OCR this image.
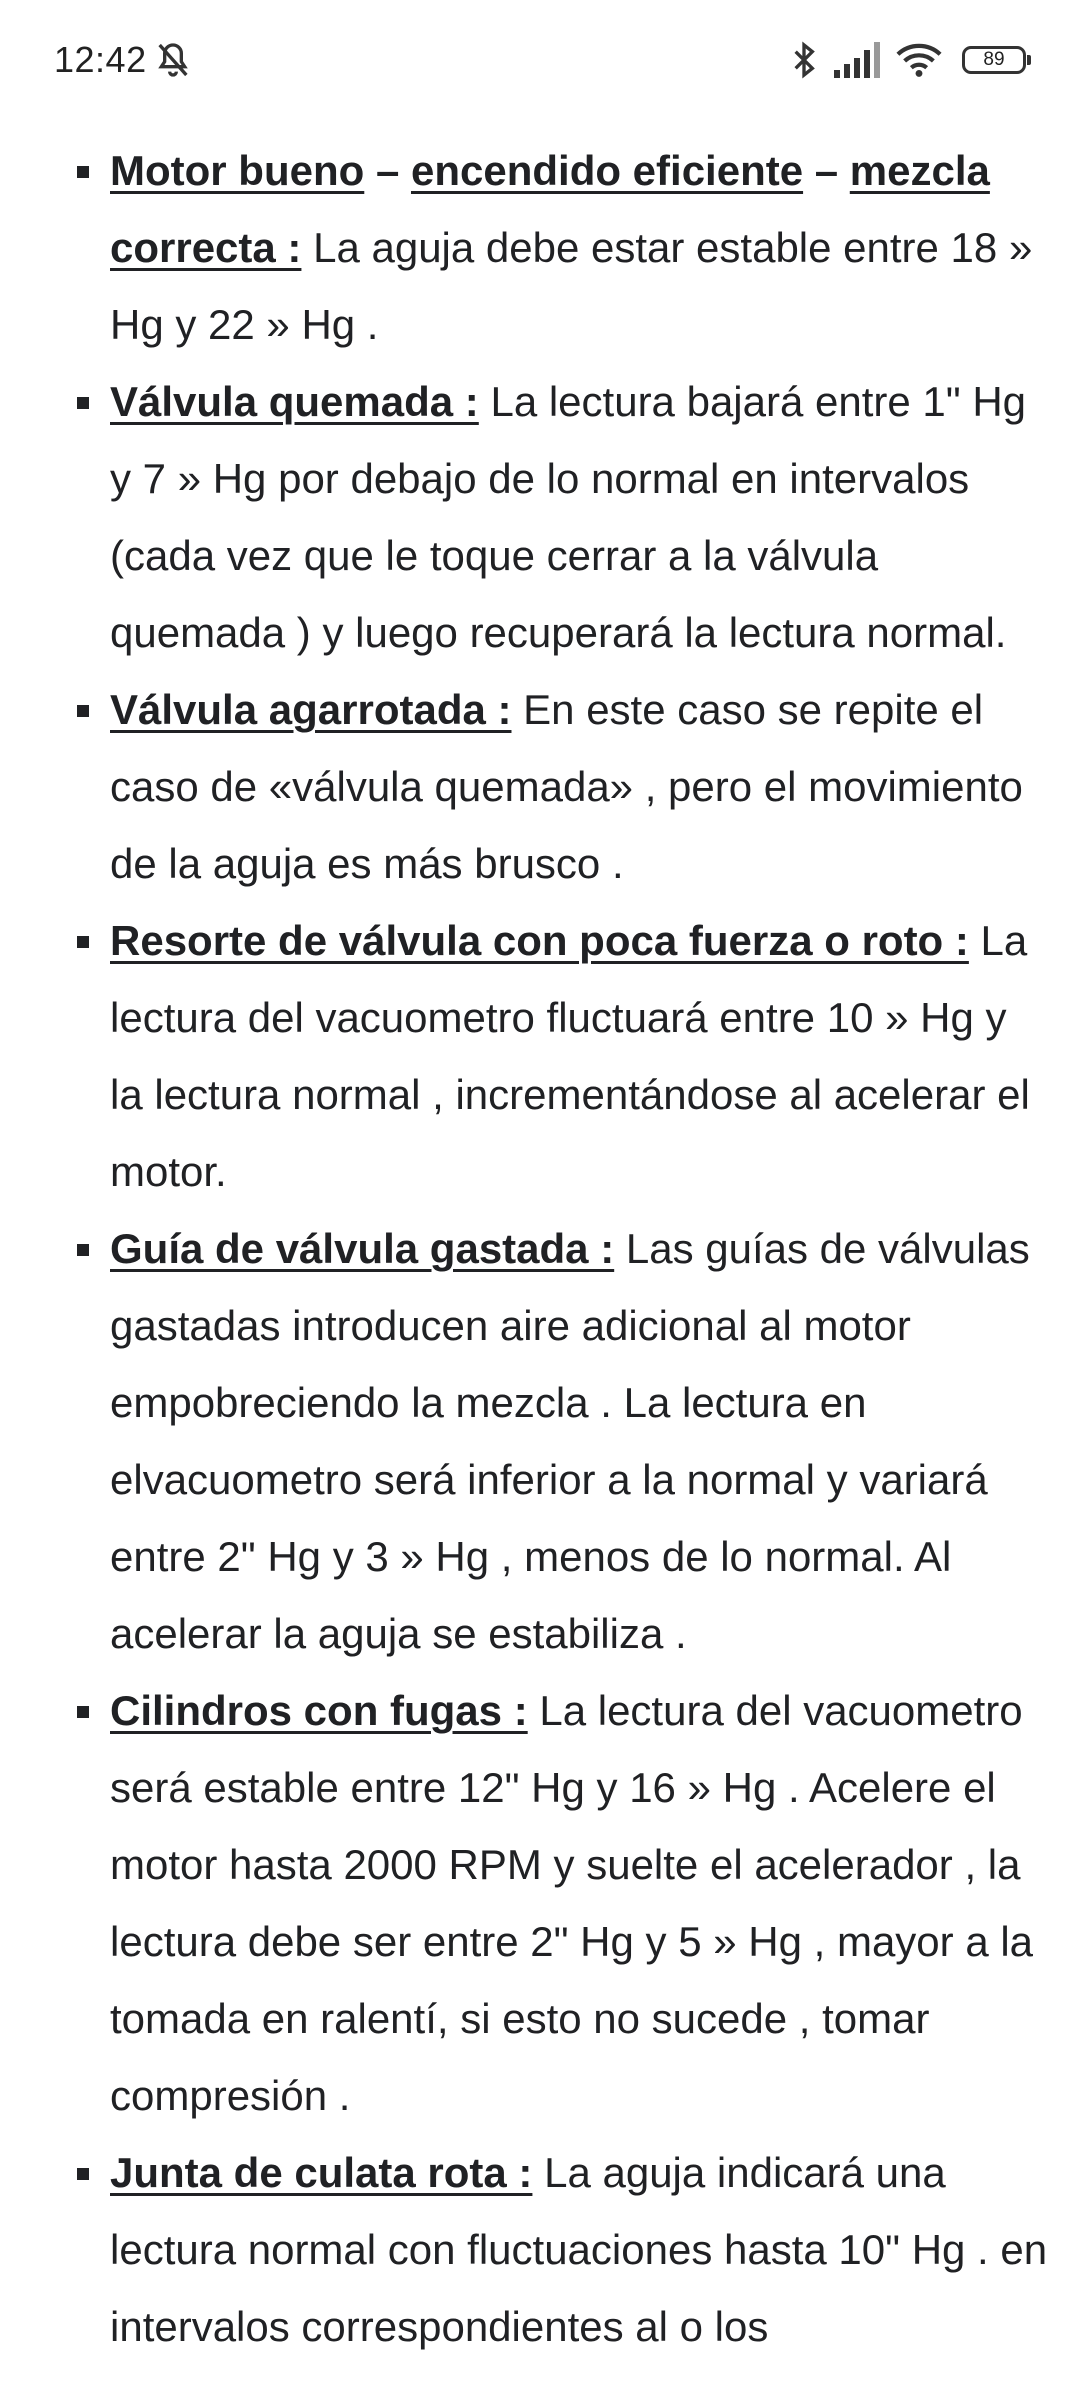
12:42	89
Motor bueno – encendido eficiente – mezcla correcta : La aguja debe estar estable entre 18 » Hg y 22 » Hg .
Válvula quemada : La lectura bajará entre 1" Hg y 7 » Hg por debajo de lo normal en intervalos (cada vez que le toque cerrar a la válvula quemada ) y luego recuperará la lectura normal.
Válvula agarrotada : En este caso se repite el caso de «válvula quemada» , pero el movimiento de la aguja es más brusco .
Resorte de válvula con poca fuerza o roto : La lectura del vacuometro fluctuará entre 10 » Hg y la lectura normal , incrementándose al acelerar el motor.
Guía de válvula gastada : Las guías de válvulas gastadas introducen aire adicional al motor empobreciendo la mezcla . La lectura en elvacuometro será inferior a la normal y variará entre 2" Hg y 3 » Hg , menos de lo normal. Al acelerar la aguja se estabiliza .
Cilindros con fugas : La lectura del vacuometro será estable entre 12" Hg y 16 » Hg . Acelere el motor hasta 2000 RPM y suelte el acelerador , la lectura debe ser entre 2" Hg y 5 » Hg , mayor a la tomada en ralentí, si esto no sucede , tomar compresión .
Junta de culata rota : La aguja indicará una lectura normal con fluctuaciones hasta 10" Hg . en intervalos correspondientes al o los
